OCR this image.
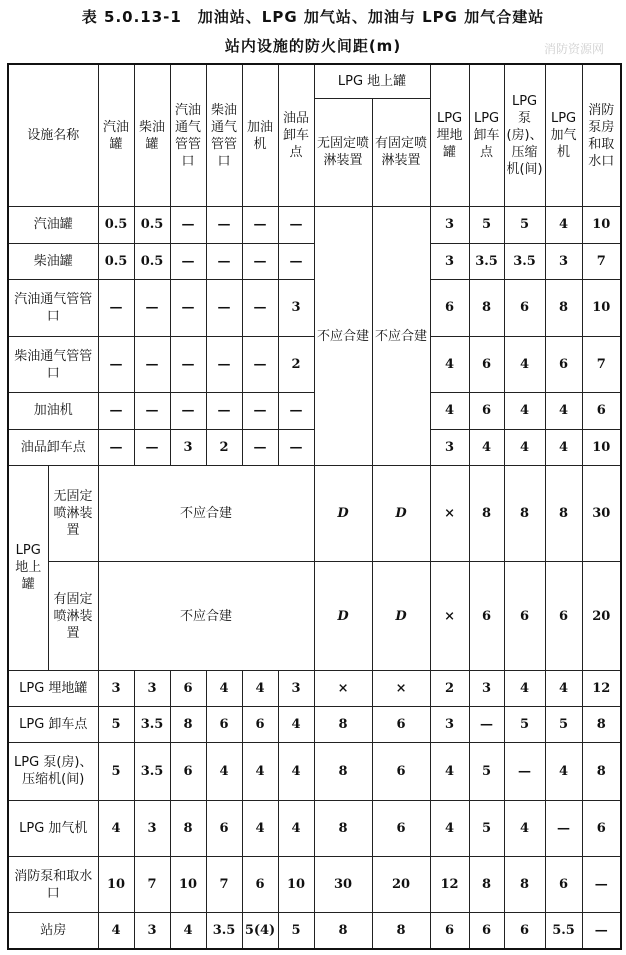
表 5.0.13-1　加油站、LPG 加气站、加油与 LPG 加气合建站
站内设施的防火间距(m)	消防资源网
设施名称		汽油罐	柴油罐	汽油通气管管口	柴油通气管管口	加油机	油品卸车点	LPG 地上罐		LPG埋地罐	LPG卸车点	LPG泵(房)、压缩机(间)	LPG加气机	消防泵房和取水口
								无固定喷淋装置	有固定喷淋装置					
汽油罐		0.5	0.5	—	—	—	—	不应合建	不应合建	3	5	5	4	10
柴油罐		0.5	0.5	—	—	—	—			3	3.5	3.5	3	7
汽油通气管管口		—	—	—	—	—	3			6	8	6	8	10
柴油通气管管口		—	—	—	—	—	2			4	6	4	6	7
加油机		—	—	—	—	—	—			4	6	4	4	6
油品卸车点		—	—	3	2	—	—			3	4	4	4	10
LPG地上罐	无固定喷淋装置	不应合建						D	D	×	8	8	8	30
	有固定喷淋装置	不应合建						D	D	×	6	6	6	20
LPG 埋地罐		3	3	6	4	4	3	×	×	2	3	4	4	12
LPG 卸车点		5	3.5	8	6	6	4	8	6	3	—	5	5	8
LPG 泵(房)、压缩机(间)		5	3.5	6	4	4	4	8	6	4	5	—	4	8
LPG 加气机		4	3	8	6	4	4	8	6	4	5	4	—	6
消防泵和取水口		10	7	10	7	6	10	30	20	12	8	8	6	—
站房		4	3	4	3.5	5(4)	5	8	8	6	6	6	5.5	—
